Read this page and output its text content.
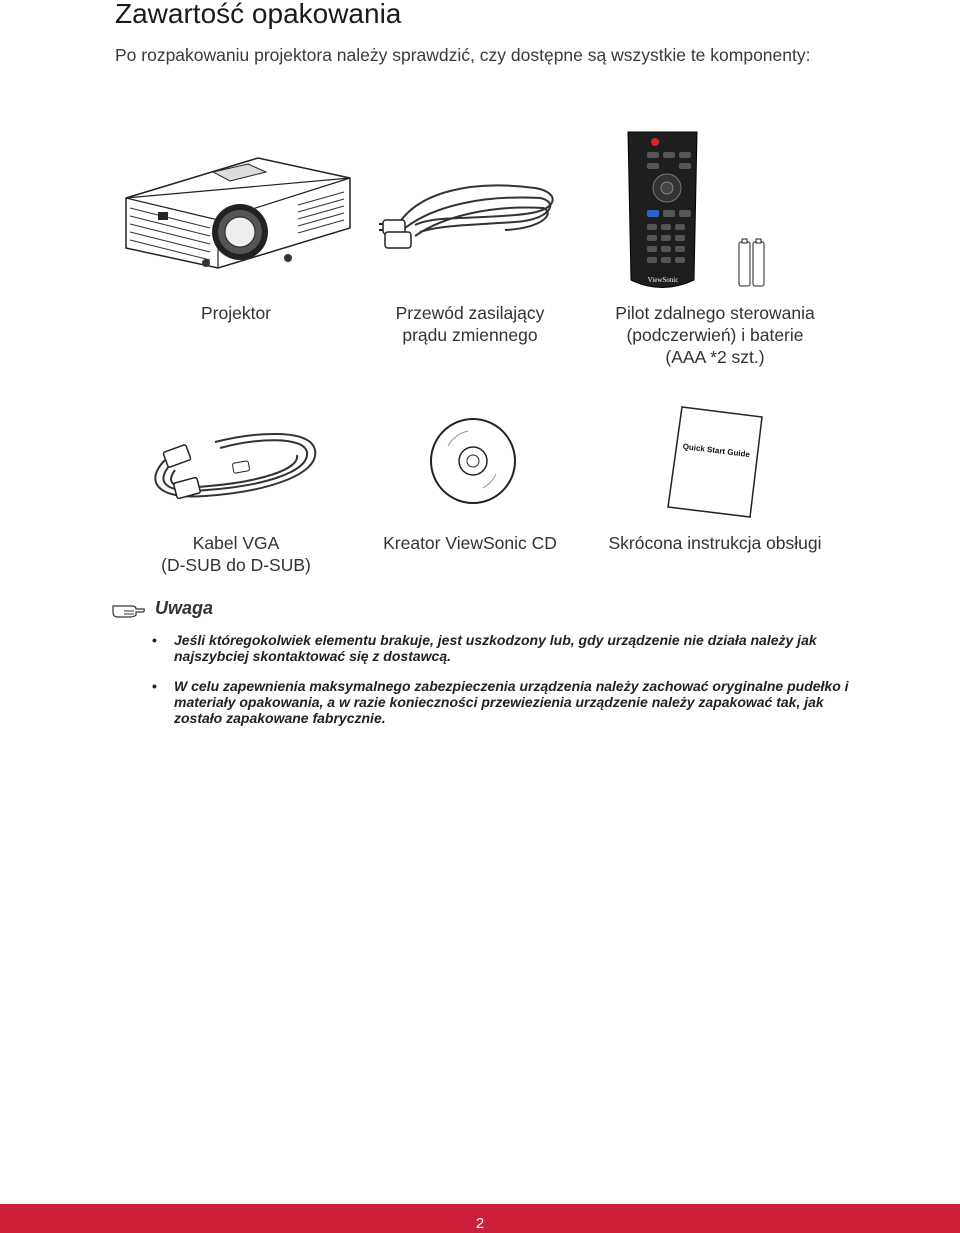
Zawartość opakowania
Po rozpakowaniu projektora należy sprawdzić, czy dostępne są wszystkie te komponenty:
ViewSonic
Projektor	Przewód zasilający
prądu zmiennego
Pilot zdalnego sterowania
(podczerwień) i baterie
(AAA *2 szt.)
Quick Start Guide
Kabel VGA
(D-SUB do D-SUB)
Kreator ViewSonic CD	Skrócona instrukcja obsługi
Uwaga
• Jeśli któregokolwiek elementu brakuje, jest uszkodzony lub, gdy urządzenie nie działa należy jak najszybciej skontaktować się z dostawcą.
• W celu zapewnienia maksymalnego zabezpieczenia urządzenia należy zachować oryginalne pudełko i materiały opakowania, a w razie konieczności przewiezienia urządzenie należy zapakować tak, jak zostało zapakowane fabrycznie.
2
